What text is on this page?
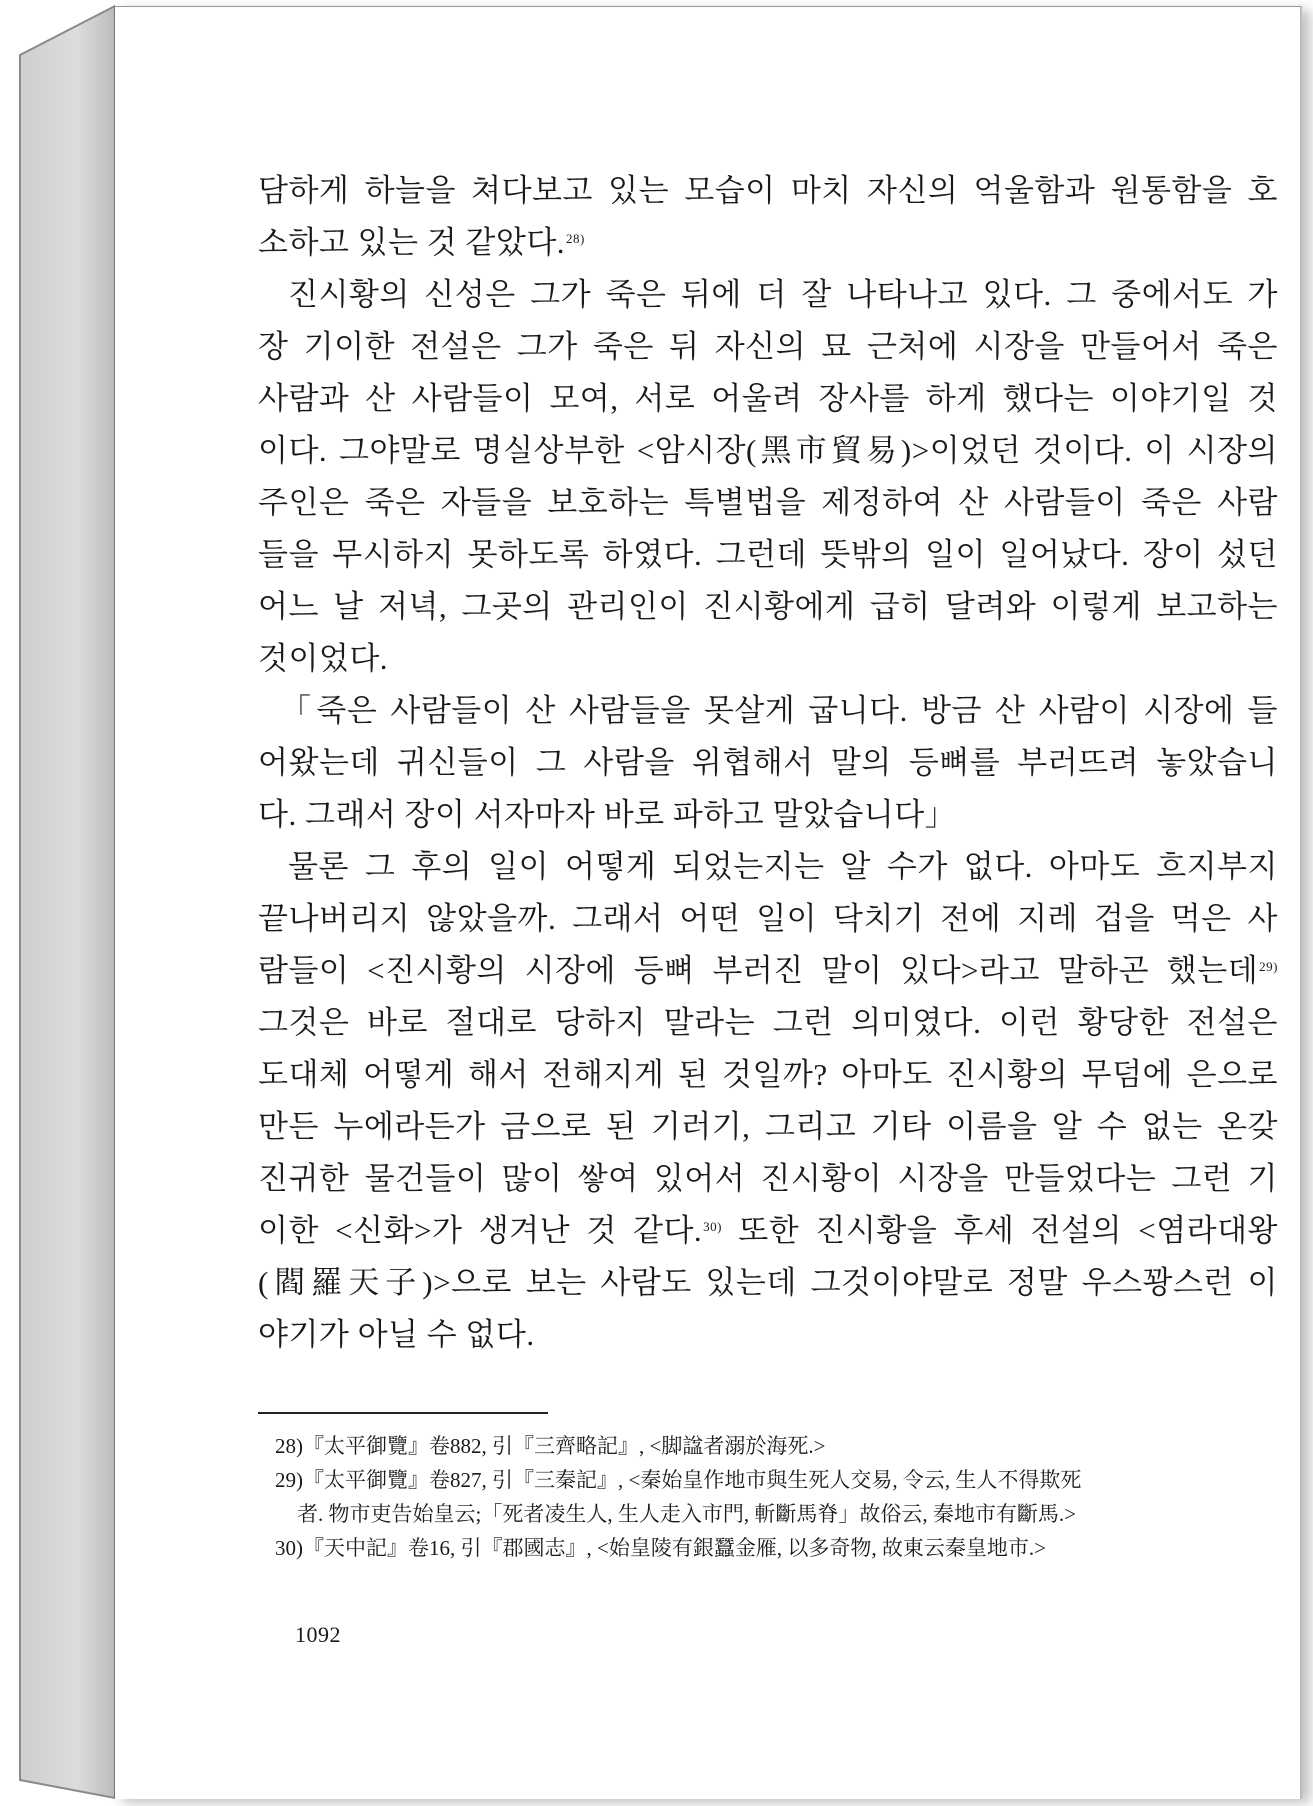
담하게 하늘을 쳐다보고 있는 모습이 마치 자신의 억울함과 원통함을 호
소하고 있는 것 같았다.$^{28)}$
진시황의 신성은 그가 죽은 뒤에 더 잘 나타나고 있다. 그 중에서도 가
장 기이한 전설은 그가 죽은 뒤 자신의 묘 근처에 시장을 만들어서 죽은
사람과 산 사람들이 모여, 서로 어울려 장사를 하게 했다는 이야기일 것
이다. 그야말로 명실상부한 <암시장(黑市貿易)>이었던 것이다. 이 시장의
주인은 죽은 자들을 보호하는 특별법을 제정하여 산 사람들이 죽은 사람
들을 무시하지 못하도록 하였다. 그런데 뜻밖의 일이 일어났다. 장이 섰던
어느 날 저녁, 그곳의 관리인이 진시황에게 급히 달려와 이렇게 보고하는
것이었다.
「죽은 사람들이 산 사람들을 못살게 굽니다. 방금 산 사람이 시장에 들
어왔는데 귀신들이 그 사람을 위협해서 말의 등뼈를 부러뜨려 놓았습니
다. 그래서 장이 서자마자 바로 파하고 말았습니다」
물론 그 후의 일이 어떻게 되었는지는 알 수가 없다. 아마도 흐지부지
끝나버리지 않았을까. 그래서 어떤 일이 닥치기 전에 지레 겁을 먹은 사
람들이 <진시황의 시장에 등뼈 부러진 말이 있다>라고 말하곤 했는데$^{29)}$
그것은 바로 절대로 당하지 말라는 그런 의미였다. 이런 황당한 전설은
도대체 어떻게 해서 전해지게 된 것일까? 아마도 진시황의 무덤에 은으로
만든 누에라든가 금으로 된 기러기, 그리고 기타 이름을 알 수 없는 온갖
진귀한 물건들이 많이 쌓여 있어서 진시황이 시장을 만들었다는 그런 기
이한 <신화>가 생겨난 것 같다.$^{30)}$ 또한 진시황을 후세 전설의 <염라대왕
(閻羅天子)>으로 보는 사람도 있는데 그것이야말로 정말 우스꽝스런 이
야기가 아닐 수 없다.
28)『太平御覽』卷882, 引『三齊略記』, <脚諡者溺於海死.>
29)『太平御覽』卷827, 引『三秦記』, <秦始皇作地市與生死人交易, 令云, 生人不得欺死
者. 物市吏告始皇云;「死者凌生人, 生人走入市門, 斬斷馬脊」故俗云, 秦地市有斷馬.>
30)『天中記』卷16, 引『郡國志』, <始皇陵有銀蠶金雁, 以多奇物, 故東云秦皇地市.>
1092
